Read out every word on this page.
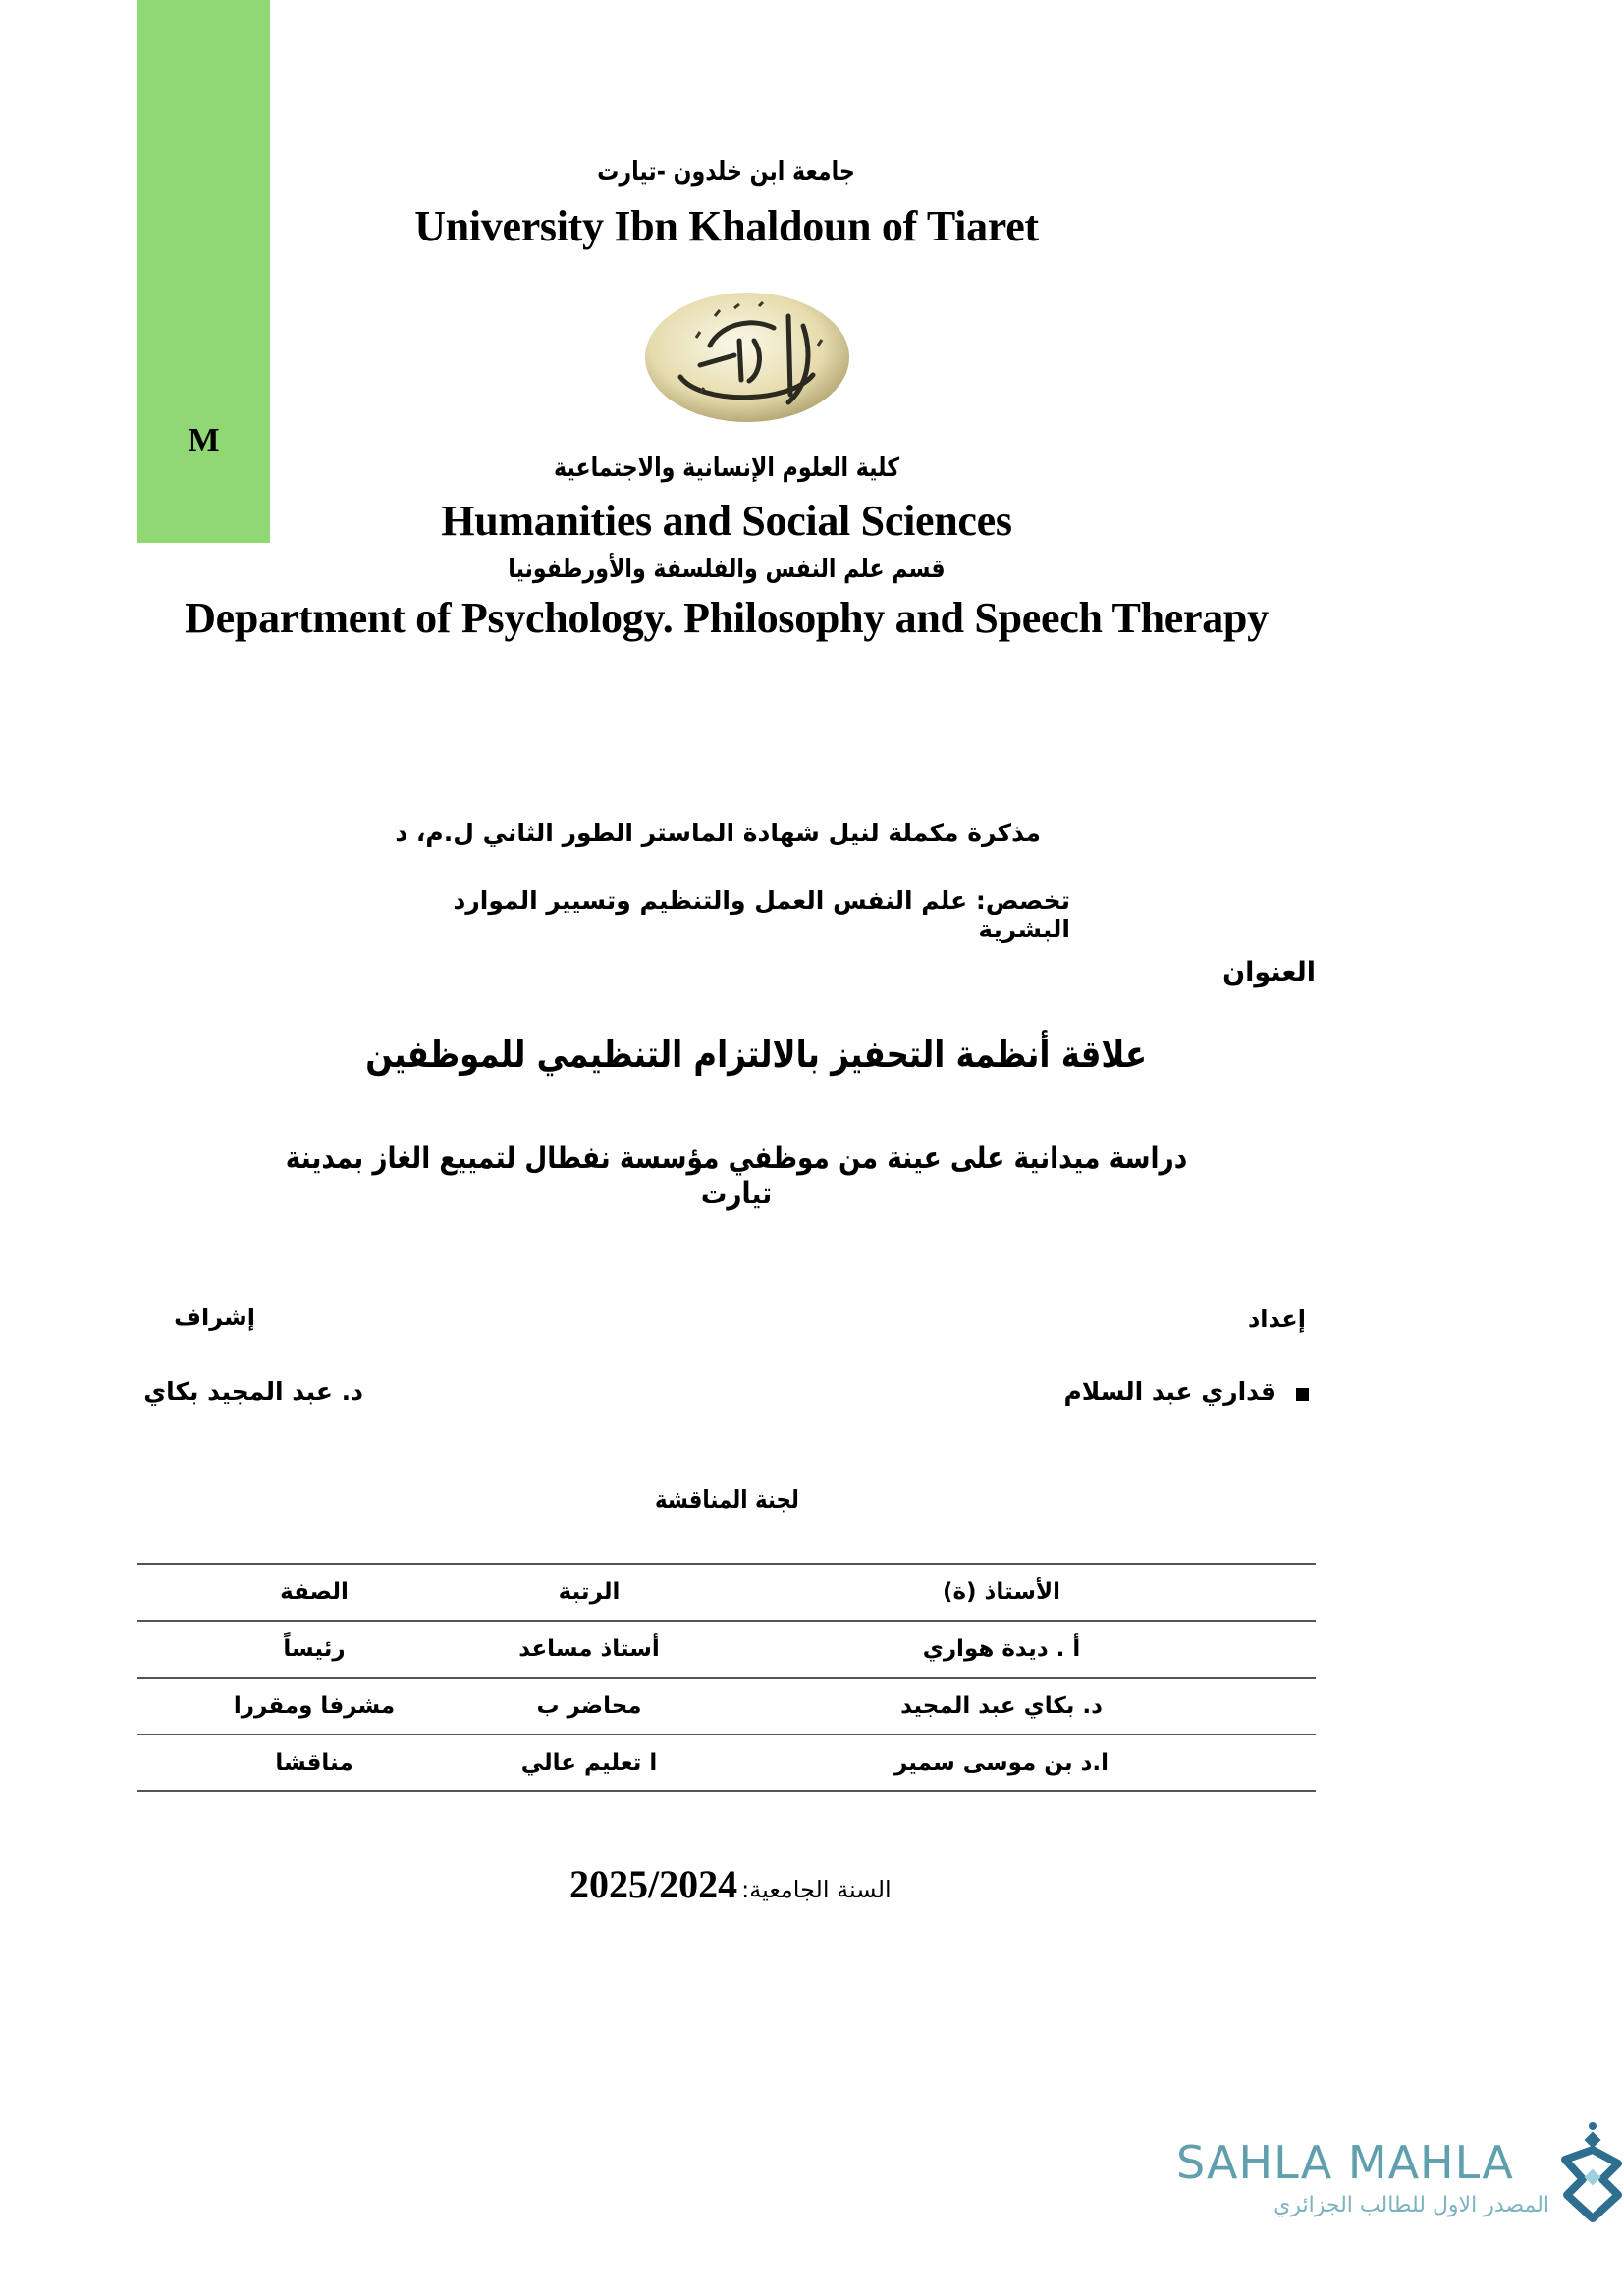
M
جامعة ابن خلدون -تيارت
University Ibn Khaldoun of Tiaret
كلية العلوم الإنسانية والاجتماعية
Humanities and Social Sciences
قسم علم النفس والفلسفة والأورطفونيا
Department of Psychology. Philosophy and Speech Therapy
مذكرة مكملة لنيل شهادة الماستر الطور الثاني ل.م، د
تخصص: علم النفس العمل والتنظيم وتسيير الموارد البشرية
العنوان
علاقة أنظمة التحفيز بالالتزام التنظيمي للموظفين
دراسة ميدانية على عينة من موظفي مؤسسة نفطال لتمييع الغاز بمدينة تيارت
إعداد
إشراف
قداري عبد السلام
د. عبد المجيد بكاي
لجنة المناقشة
الصفة	الرتبة	الأستاذ (ة)
رئيساً	أستاذ مساعد	أ . ديدة هواري
مشرفا ومقررا	محاضر ب	د. بكاي عبد المجيد
مناقشا	ا تعليم عالي	ا.د بن موسى سمير
2025/2024 السنة الجامعية:
SAHLA MAHLA
المصدر الاول للطالب الجزائري
